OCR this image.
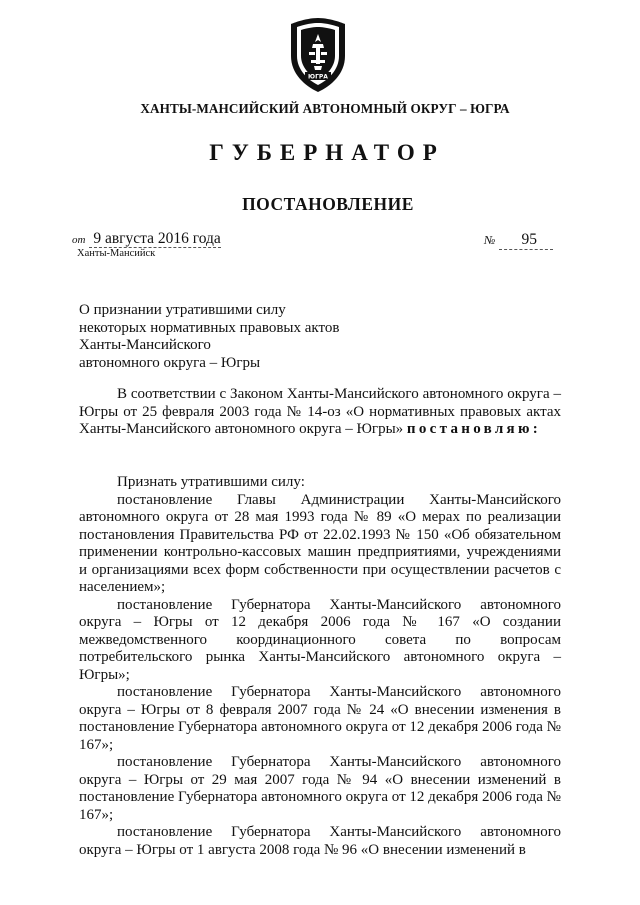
ЮГРА
ХАНТЫ-МАНСИЙСКИЙ АВТОНОМНЫЙ ОКРУГ – ЮГРА
ГУБЕРНАТОР
ПОСТАНОВЛЕНИЕ
от 9 августа 2016 года	№ 95
Ханты-Мансийск
О признании утратившими силу
некоторых нормативных правовых актов
Ханты-Мансийского
автономного округа – Югры
В соответствии с Законом Ханты-Мансийского автономного округа – Югры от 25 февраля 2003 года № 14-оз «О нормативных правовых актах Ханты-Мансийского автономного округа – Югры» постановляю:
Признать утратившими силу:
постановление Главы Администрации Ханты-Мансийского автономного округа от 28 мая 1993 года № 89 «О мерах по реализации постановления Правительства РФ от 22.02.1993 № 150 «Об обязательном применении контрольно-кассовых машин предприятиями, учреждениями и организациями всех форм собственности при осуществлении расчетов с населением»;
постановление Губернатора Ханты-Мансийского автономного округа – Югры от 12 декабря 2006 года № 167 «О создании межведомственного координационного совета по вопросам потребительского рынка Ханты-Мансийского автономного округа – Югры»;
постановление Губернатора Ханты-Мансийского автономного округа – Югры от 8 февраля 2007 года № 24 «О внесении изменения в постановление Губернатора автономного округа от 12 декабря 2006 года № 167»;
постановление Губернатора Ханты-Мансийского автономного округа – Югры от 29 мая 2007 года № 94 «О внесении изменений в постановление Губернатора автономного округа от 12 декабря 2006 года № 167»;
постановление Губернатора Ханты-Мансийского автономного округа – Югры от 1 августа 2008 года № 96 «О внесении изменений в
